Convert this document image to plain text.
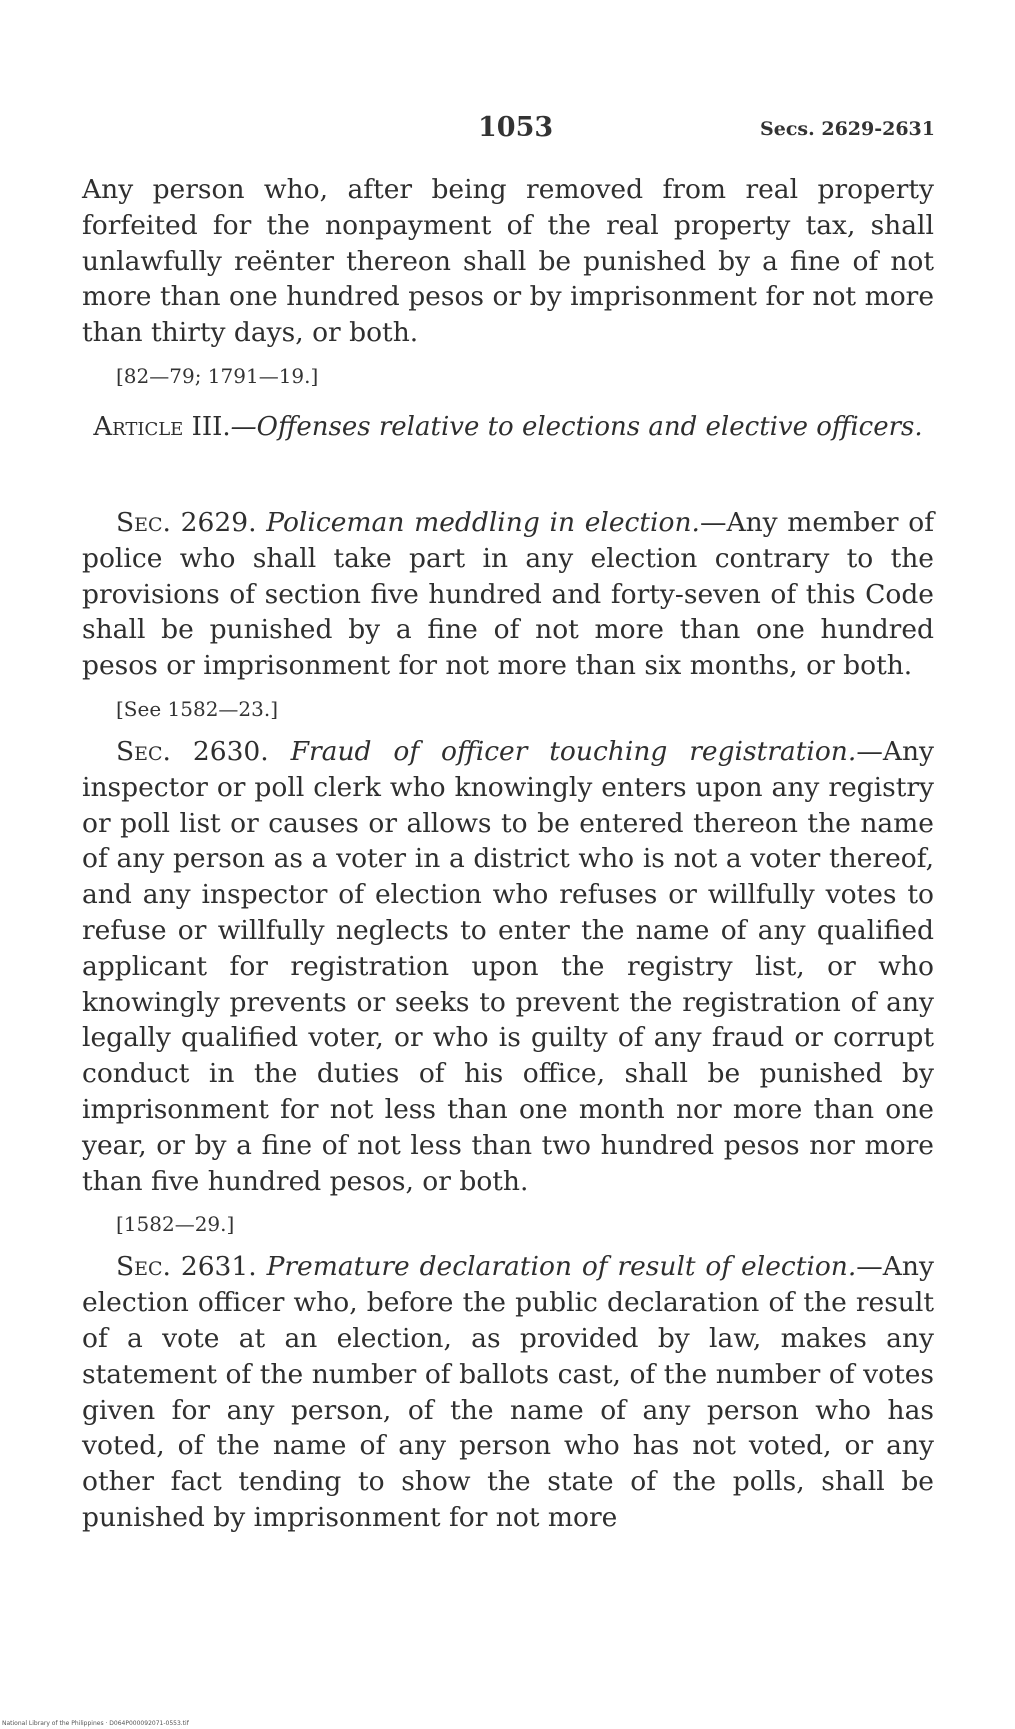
1053	Secs. 2629-2631

Any person who, after being removed from real property forfeited for the nonpayment of the real property tax, shall unlawfully reënter thereon shall be punished by a fine of not more than one hundred pesos or by imprisonment for not more than thirty days, or both.

[82—79; 1791—19.]

Article III.—Offenses relative to elections and elective officers.

Sec. 2629. Policeman meddling in election.—Any member of police who shall take part in any election contrary to the provisions of section five hundred and forty-seven of this Code shall be punished by a fine of not more than one hundred pesos or imprisonment for not more than six months, or both.

[See 1582—23.]

Sec. 2630. Fraud of officer touching registration.—Any inspector or poll clerk who knowingly enters upon any registry or poll list or causes or allows to be entered thereon the name of any person as a voter in a district who is not a voter thereof, and any inspector of election who refuses or willfully votes to refuse or willfully neglects to enter the name of any qualified applicant for registration upon the registry list, or who knowingly prevents or seeks to prevent the registration of any legally qualified voter, or who is guilty of any fraud or corrupt conduct in the duties of his office, shall be punished by imprisonment for not less than one month nor more than one year, or by a fine of not less than two hundred pesos nor more than five hundred pesos, or both.

[1582—29.]

Sec. 2631. Premature declaration of result of election.—Any election officer who, before the public declaration of the result of a vote at an election, as provided by law, makes any statement of the number of ballots cast, of the number of votes given for any person, of the name of any person who has voted, of the name of any person who has not voted, or any other fact tending to show the state of the polls, shall be punished by imprisonment for not more

National Library of the Philippines · D064P000092071-0553.tif
